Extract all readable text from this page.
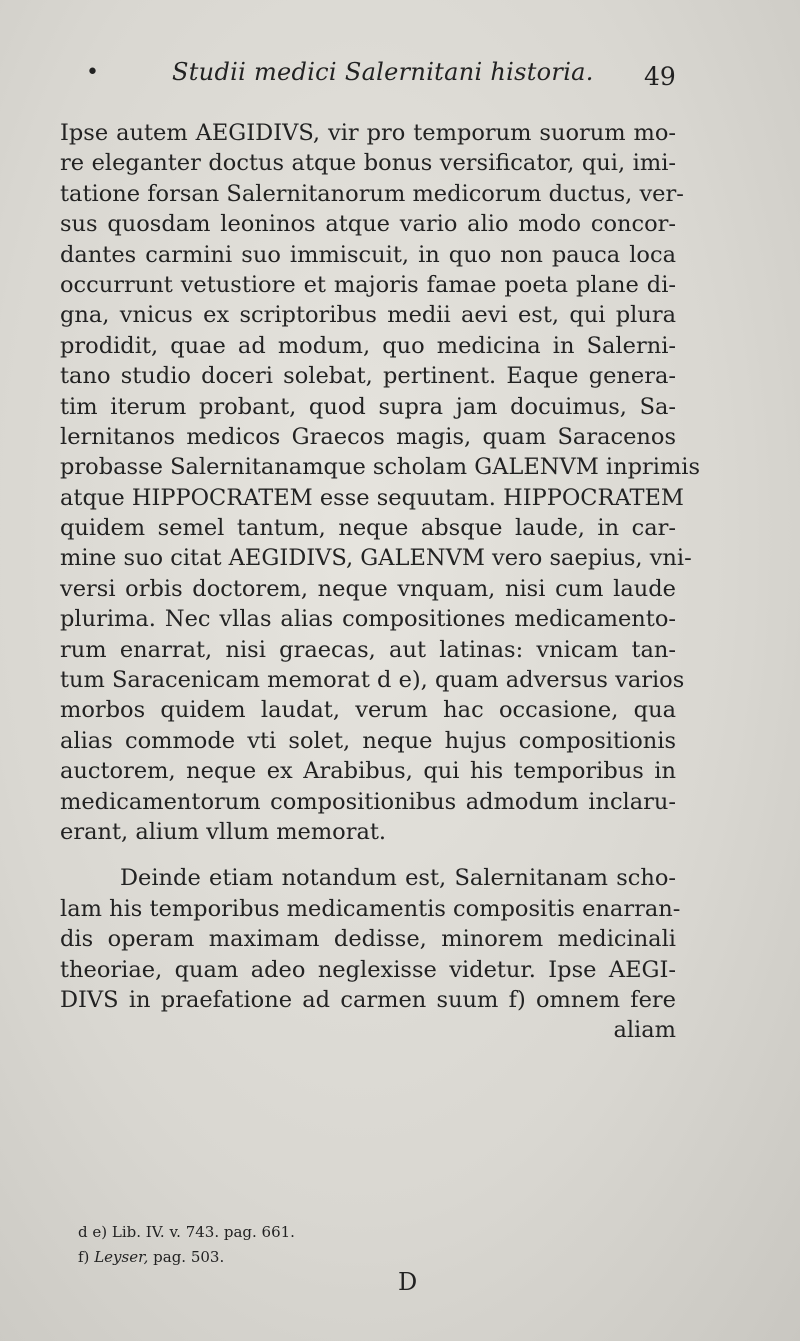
•	Studii medici Salernitani historia. 49
Ipse autem AEGIDIVS, vir pro temporum suorum mo-
re eleganter doctus atque bonus versificator, qui, imi-
tatione forsan Salernitanorum medicorum ductus, ver-
sus quosdam leoninos atque vario alio modo concor-
dantes carmini suo immiscuit, in quo non pauca loca
occurrunt vetustiore et majoris famae poeta plane di-
gna, vnicus ex scriptoribus medii aevi est, qui plura
prodidit, quae ad modum, quo medicina in Salerni-
tano studio doceri solebat, pertinent. Eaque genera-
tim iterum probant, quod supra jam docuimus, Sa-
lernitanos medicos Graecos magis, quam Saracenos
probasse Salernitanamque scholam GALENVM inprimis
atque HIPPOCRATEM esse sequutam. HIPPOCRATEM
quidem semel tantum, neque absque laude, in car-
mine suo citat AEGIDIVS, GALENVM vero saepius, vni-
versi orbis doctorem, neque vnquam, nisi cum laude
plurima. Nec vllas alias compositiones medicamento-
rum enarrat, nisi graecas, aut latinas: vnicam tan-
tum Saracenicam memorat d e), quam adversus varios
morbos quidem laudat, verum hac occasione, qua
alias commode vti solet, neque hujus compositionis
auctorem, neque ex Arabibus, qui his temporibus in
medicamentorum compositionibus admodum inclaru-
erant, alium vllum memorat.
Deinde etiam notandum est, Salernitanam scho-
lam his temporibus medicamentis compositis enarran-
dis operam maximam dedisse, minorem medicinali
theoriae, quam adeo neglexisse videtur. Ipse AEGI-
DIVS in praefatione ad carmen suum f) omnem fere
aliam
d e) Lib. IV. v. 743. pag. 661.
f) Leyser, pag. 503.
D
